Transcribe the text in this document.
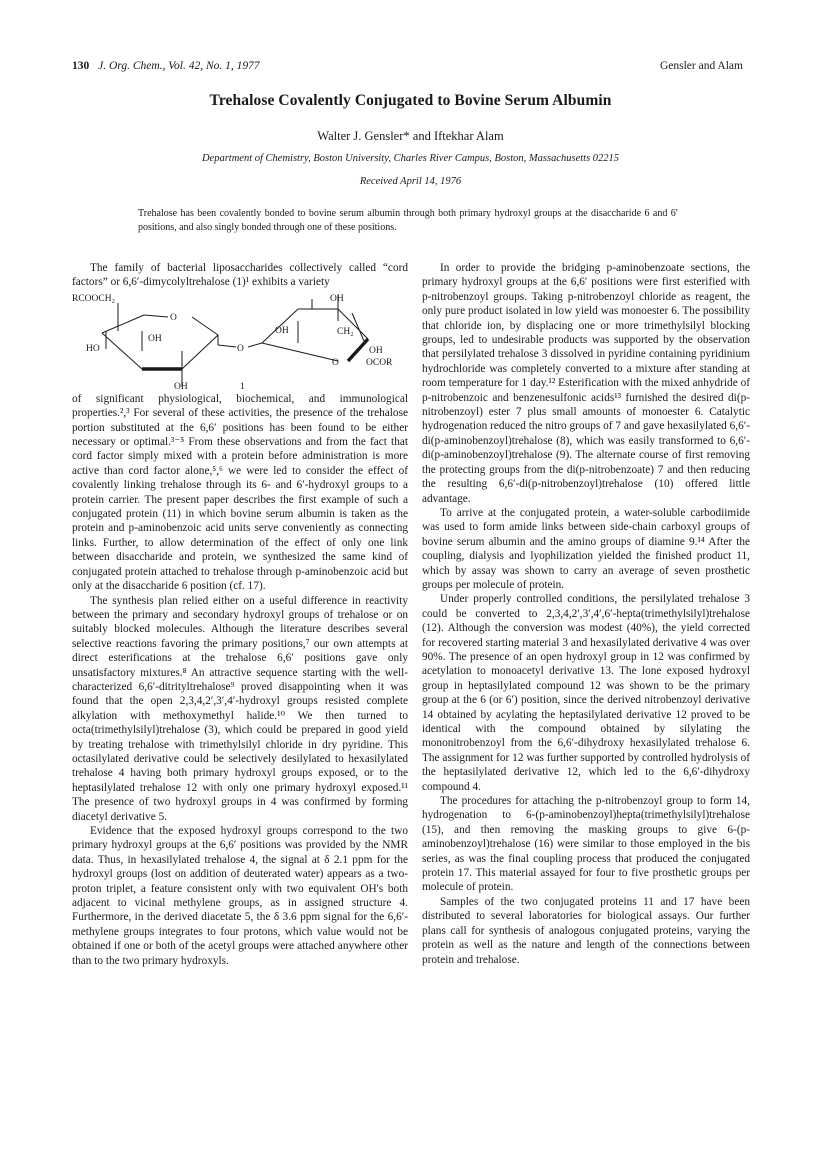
130 J. Org. Chem., Vol. 42, No. 1, 1977	Gensler and Alam
Trehalose Covalently Conjugated to Bovine Serum Albumin
Walter J. Gensler* and Iftekhar Alam
Department of Chemistry, Boston University, Charles River Campus, Boston, Massachusetts 02215
Received April 14, 1976
Trehalose has been covalently bonded to bovine serum albumin through both primary hydroxyl groups at the disaccharide 6 and 6′ positions, and also singly bonded through one of these positions.

The family of bacterial liposaccharides collectively called “cord factors” or 6,6′-dimycolyltrehalose (1)¹ exhibits a variety

RCOOCH₂	OH
O
OH
HO	O
OH	CH₂
OH
O	OCOR
OH	1

of significant physiological, biochemical, and immunological properties.²,³ For several of these activities, the presence of the trehalose portion substituted at the 6,6′ positions has been found to be either necessary or optimal.³⁻⁵ From these observations and from the fact that cord factor simply mixed with a protein before administration is more active than cord factor alone,⁵,⁶ we were led to consider the effect of covalently linking trehalose through its 6- and 6′-hydroxyl groups to a protein carrier. The present paper describes the first example of such a conjugated protein (11) in which bovine serum albumin is taken as the protein and p-aminobenzoic acid units serve conveniently as connecting links. Further, to allow determination of the effect of only one link between disaccharide and protein, we synthesized the same kind of conjugated protein attached to trehalose through p-aminobenzoic acid but only at the disaccharide 6 position (cf. 17).

The synthesis plan relied either on a useful difference in reactivity between the primary and secondary hydroxyl groups of trehalose or on suitably blocked molecules. Although the literature describes several selective reactions favoring the primary positions,⁷ our own attempts at direct esterifications at the trehalose 6,6′ positions gave only unsatisfactory mixtures.⁸ An attractive sequence starting with the well-characterized 6,6′-ditrityltrehalose⁹ proved disappointing when it was found that the open 2,3,4,2′,3′,4′-hydroxyl groups resisted complete alkylation with methoxymethyl halide.¹⁰ We then turned to octa(trimethylsilyl)trehalose (3), which could be prepared in good yield by treating trehalose with trimethylsilyl chloride in dry pyridine. This octasilylated derivative could be selectively desilylated to hexasilylated trehalose 4 having both primary hydroxyl groups exposed, or to the heptasilylated trehalose 12 with only one primary hydroxyl exposed.¹¹ The presence of two hydroxyl groups in 4 was confirmed by forming diacetyl derivative 5.

Evidence that the exposed hydroxyl groups correspond to the two primary hydroxyl groups at the 6,6′ positions was provided by the NMR data. Thus, in hexasilylated trehalose 4, the signal at δ 2.1 ppm for the hydroxyl groups (lost on addition of deuterated water) appears as a two-proton triplet, a feature consistent only with two equivalent OH's both adjacent to vicinal methylene groups, as in assigned structure 4. Furthermore, in the derived diacetate 5, the δ 3.6 ppm signal for the 6,6′-methylene groups integrates to four protons, which value would not be obtained if one or both of the acetyl groups were attached anywhere other than to the two primary hydroxyls.

In order to provide the bridging p-aminobenzoate sections, the primary hydroxyl groups at the 6,6′ positions were first esterified with p-nitrobenzoyl groups. Taking p-nitrobenzoyl chloride as reagent, the only pure product isolated in low yield was monoester 6. The possibility that chloride ion, by displacing one or more trimethylsilyl blocking groups, led to undesirable products was supported by the observation that persilylated trehalose 3 dissolved in pyridine containing pyridinium hydrochloride was completely converted to a mixture after standing at room temperature for 1 day.¹² Esterification with the mixed anhydride of p-nitrobenzoic and benzenesulfonic acids¹³ furnished the desired di(p-nitrobenzoyl) ester 7 plus small amounts of monoester 6. Catalytic hydrogenation reduced the nitro groups of 7 and gave hexasilylated 6,6′-di(p-aminobenzoyl)trehalose (8), which was easily transformed to 6,6′-di(p-aminobenzoyl)trehalose (9). The alternate course of first removing the protecting groups from the di(p-nitrobenzoate) 7 and then reducing the resulting 6,6′-di(p-nitrobenzoyl)trehalose (10) offered little advantage.

To arrive at the conjugated protein, a water-soluble carbodiimide was used to form amide links between side-chain carboxyl groups of bovine serum albumin and the amino groups of diamine 9.¹⁴ After the coupling, dialysis and lyophilization yielded the finished product 11, which by assay was shown to carry an average of seven prosthetic groups per molecule of protein.

Under properly controlled conditions, the persilylated trehalose 3 could be converted to 2,3,4,2′,3′,4′,6′-hepta(trimethylsilyl)trehalose (12). Although the conversion was modest (40%), the yield corrected for recovered starting material 3 and hexasilylated derivative 4 was over 90%. The presence of an open hydroxyl group in 12 was confirmed by acetylation to monoacetyl derivative 13. The lone exposed hydroxyl group in heptasilylated compound 12 was shown to be the primary group at the 6 (or 6′) position, since the derived nitrobenzoyl derivative 14 obtained by acylating the heptasilylated derivative 12 proved to be identical with the compound obtained by silylating the mononitrobenzoyl from the 6,6′-dihydroxy hexasilylated trehalose 6. The assignment for 12 was further supported by controlled hydrolysis of the heptasilylated derivative 12, which led to the 6,6′-dihydroxy compound 4.

The procedures for attaching the p-nitrobenzoyl group to form 14, hydrogenation to 6-(p-aminobenzoyl)hepta(trimethylsilyl)trehalose (15), and then removing the masking groups to give 6-(p-aminobenzoyl)trehalose (16) were similar to those employed in the bis series, as was the final coupling process that produced the conjugated protein 17. This material assayed for four to five prosthetic groups per molecule of protein.

Samples of the two conjugated proteins 11 and 17 have been distributed to several laboratories for biological assays. Our further plans call for synthesis of analogous conjugated proteins, varying the protein as well as the nature and length of the connections between protein and trehalose.
